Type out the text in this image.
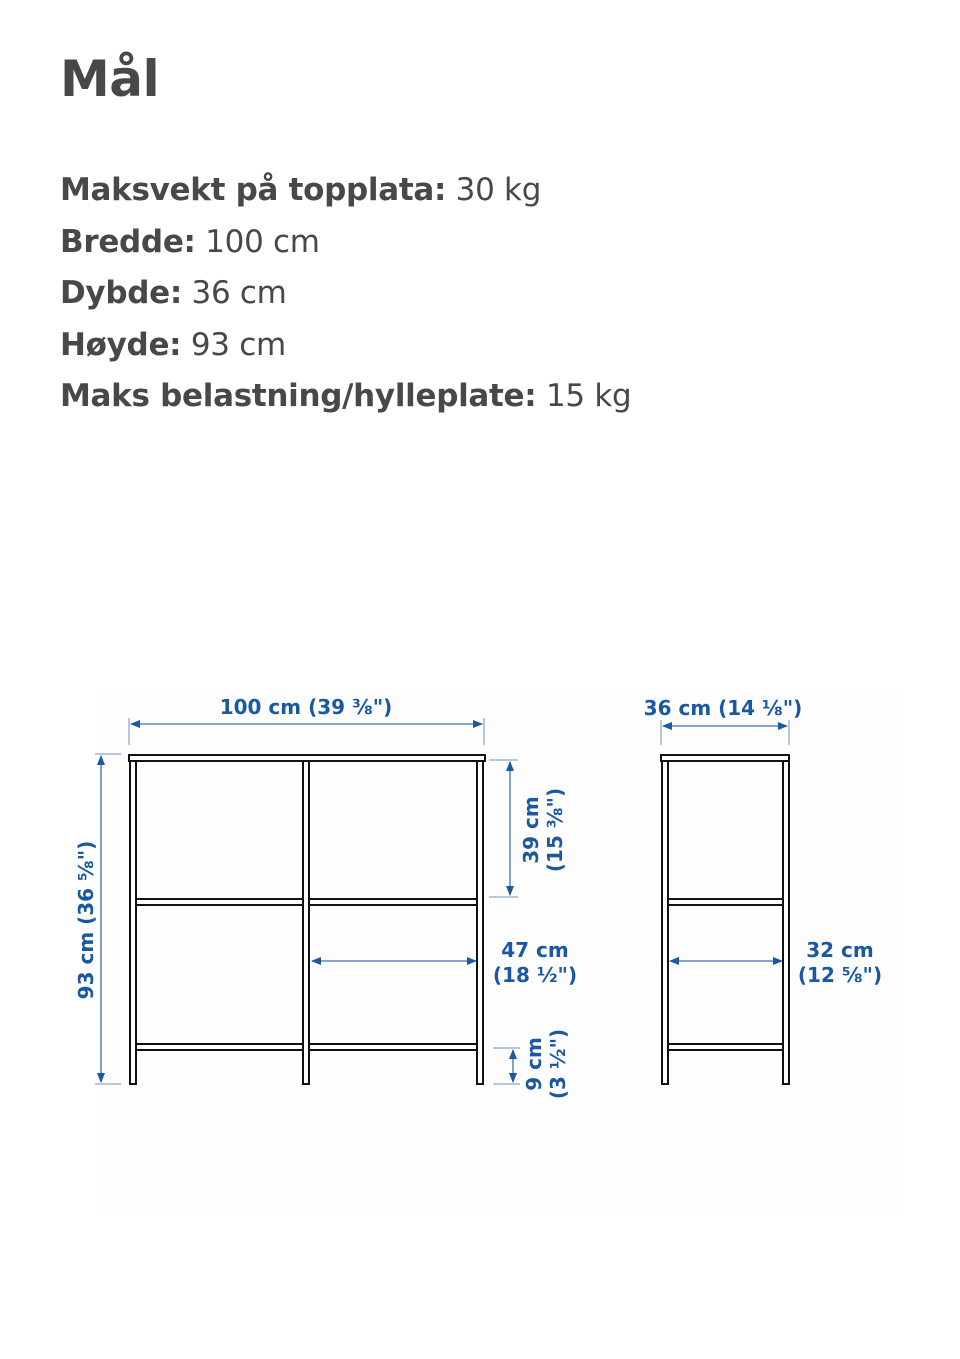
Mål
Maksvekt på topplata: 30 kg
Bredde: 100 cm
Dybde: 36 cm
Høyde: 93 cm
Maks belastning/hylleplate: 15 kg
100 cm (39 ⅜")
93 cm (36 ⅝")
39 cm (15 ⅜")
47 cm
(18 ½")
9 cm (3 ½")
36 cm (14 ⅛")
32 cm
(12 ⅝")
